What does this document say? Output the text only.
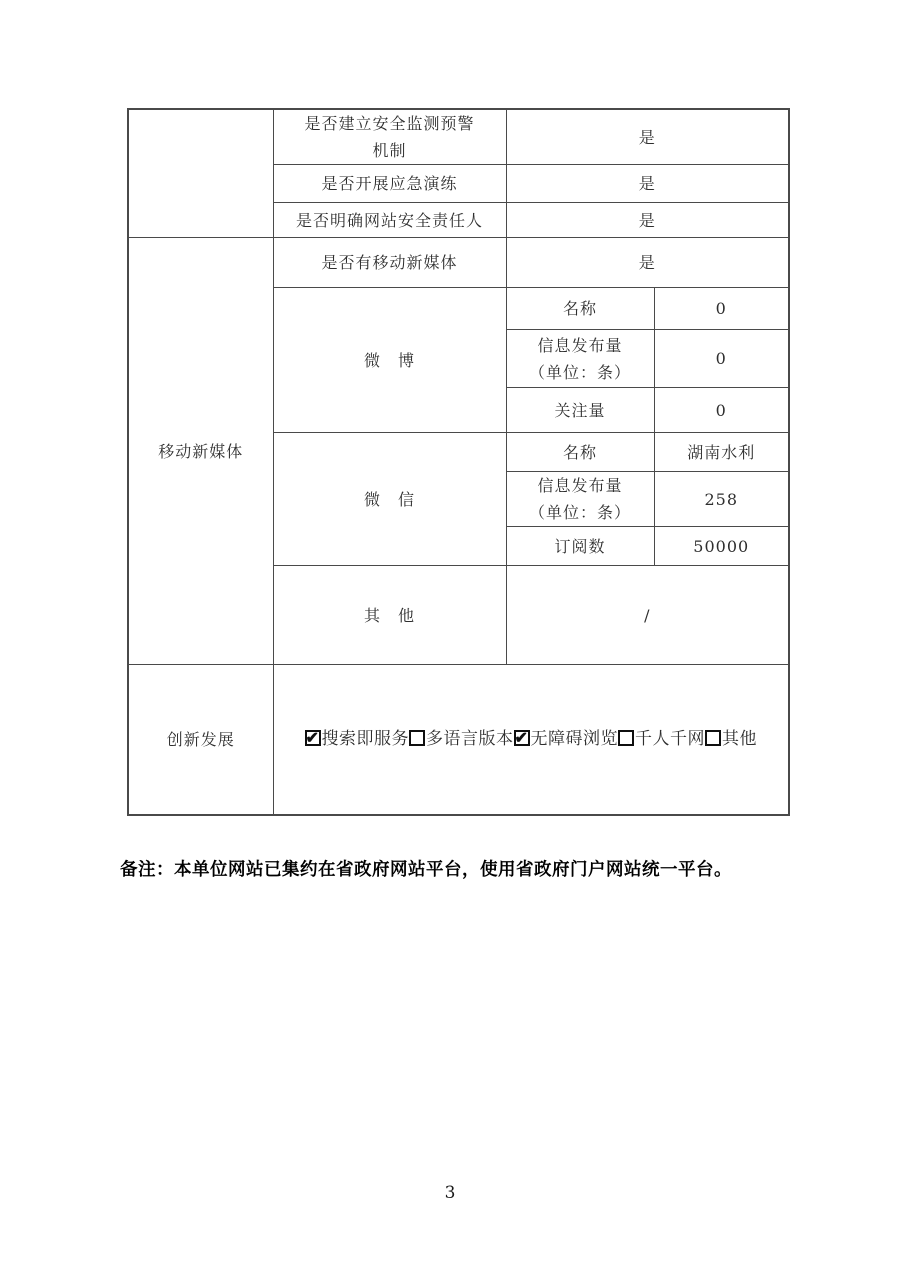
	是否建立安全监测预警
机制	是	
	是否开展应急演练	是	
	是否明确网站安全责任人	是	
移动新媒体	是否有移动新媒体	是	
	微　博	名称	0

		信息发布量
（单位：条）	0
		关注量	0
	微　信	名称	湖南水利

		信息发布量
（单位：条）	258
		订阅数	50000
	其　他	/	
创新发展	
✔搜索即服务 多语言版本 ✔ 无障碍浏览 千人千网 其他
备注：本单位网站已集约在省政府网站平台，使用省政府门户网站统一平台。
3
